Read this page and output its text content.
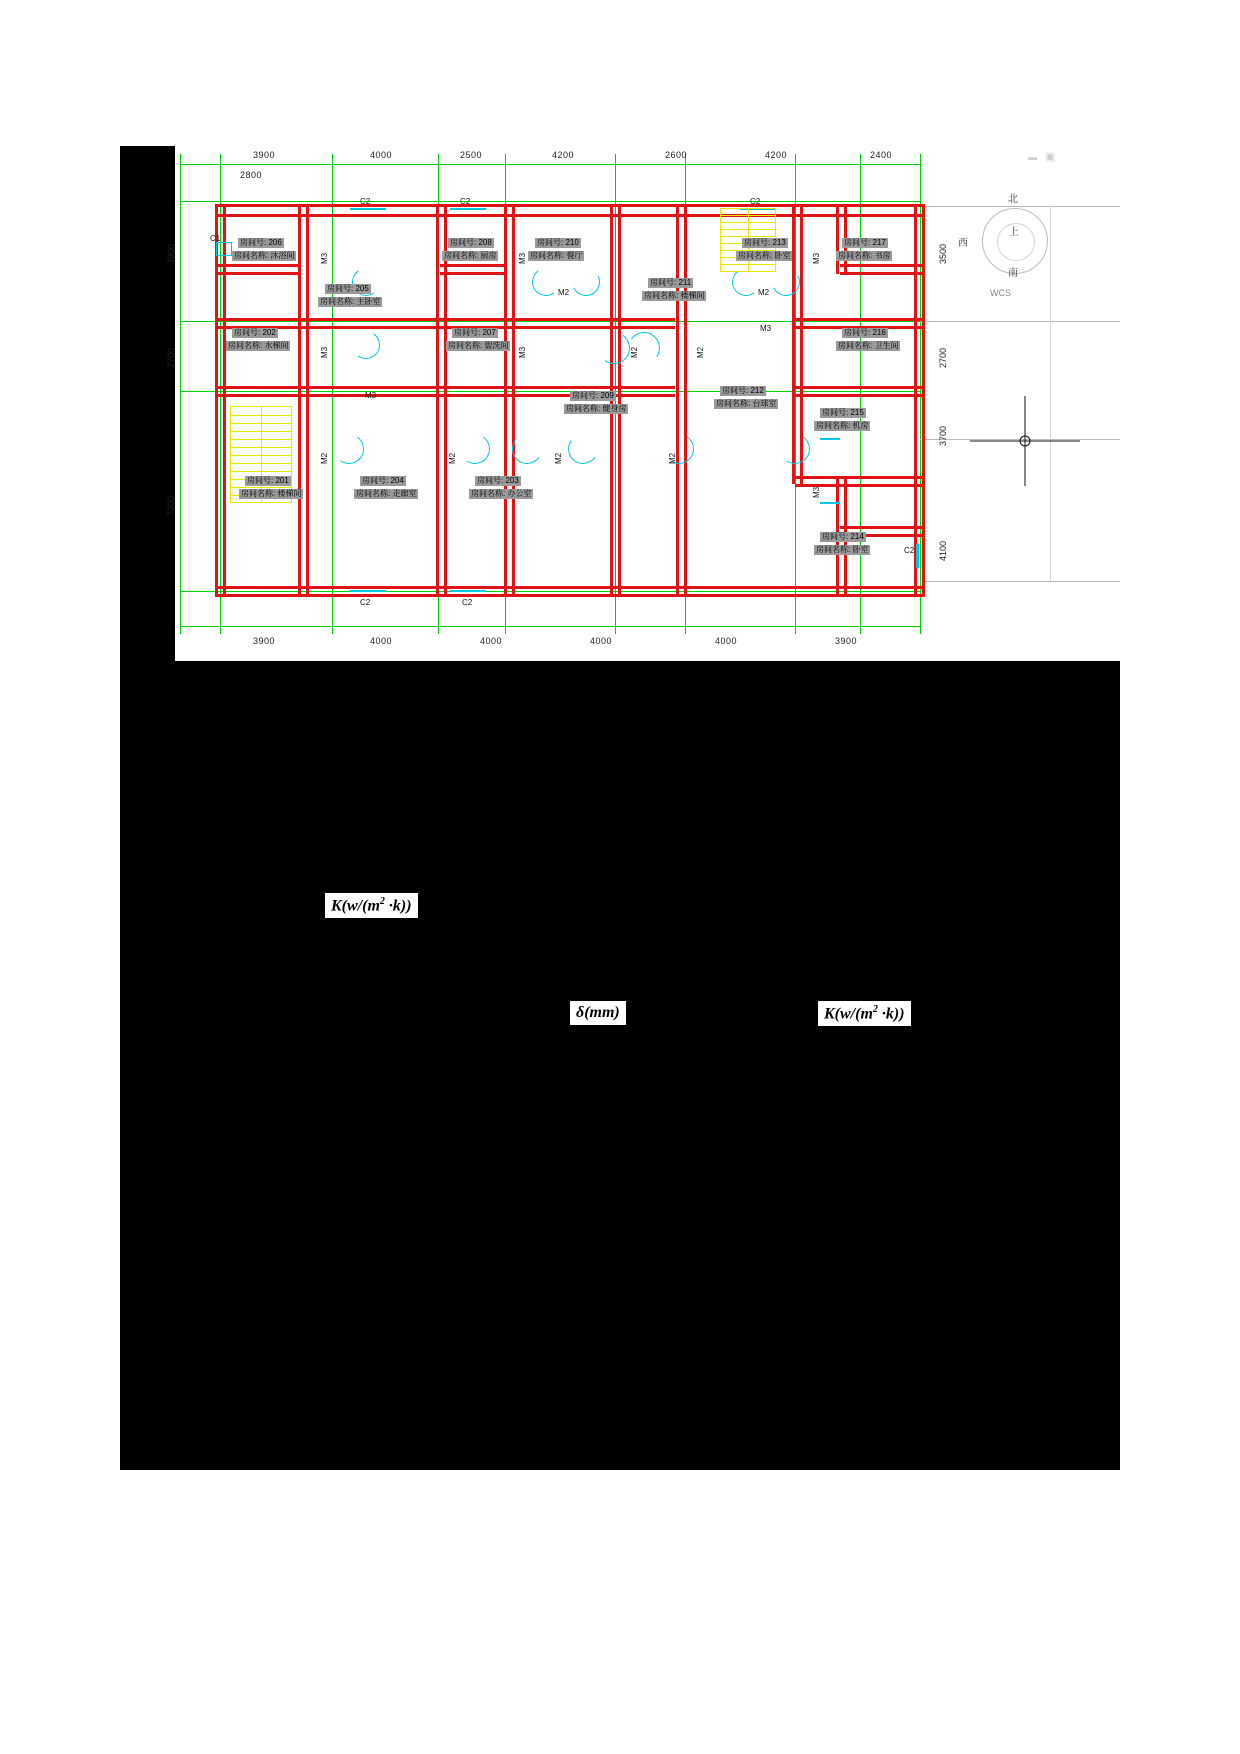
▬ ▣
3900	4000	2500	4200	2600	4200	2400
2800
3900	4000	4000	4000	4000	3900
3900
2700
7300
3500
2700
3700
4100
C2	C2	C2
C2	C2
C1
C2
M2	M2
M3
M3
M3	M3
M3	M3
M3
M2	M2
M2	M2	M2	M2
M3
房间号: 206
房间名称: 沐浴间
房间号: 205
房间名称: 主卧室
房间号: 208
房间名称: 厨房
房间号: 210
房间名称: 餐厅
房间号: 213
房间名称: 卧室
房间号: 217
房间名称: 书房
房间号: 202
房间名称: 水梯间
房间号: 207
房间名称: 盥洗间
房间号: 211
房间名称: 楼梯间
房间号: 216
房间名称: 卫生间
房间号: 209
房间名称: 健身房
房间号: 212
房间名称: 台球室
房间号: 215
房间名称: 机房
房间号: 201
房间名称: 楼梯间
房间号: 204
房间名称: 走廊室
房间号: 203
房间名称: 办公室
房间号: 214
房间名称: 卧室
上
北
西
南
WCS
$K(w/(m^2 \cdot k))$
δ(mm)	$K(w/(m^2 \cdot k))$
